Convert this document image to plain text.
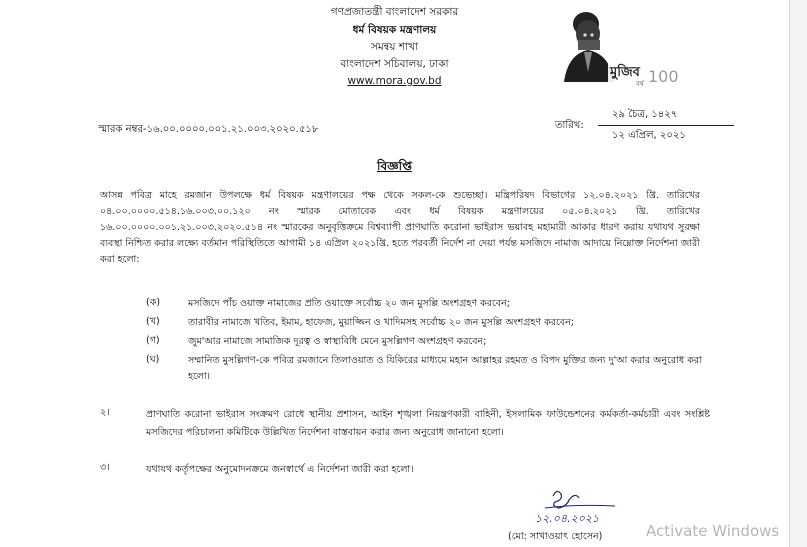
গণপ্রজাতন্ত্রী বাংলাদেশ সরকার
ধর্ম বিষয়ক মন্ত্রণালয়
সমন্বয় শাখা
বাংলাদেশ সচিবালয়, ঢাকা
www.mora.gov.bd
মুজিব
বর্ষ 100
স্মারক নম্বর-১৬.০০.০০০০.০০১.২১.০০৩.২০২০.৫১৮	তারিখ:
২৯ চৈত্র, ১৪২৭
১২ এপ্রিল, ২০২১
বিজ্ঞপ্তি
আসন্ন পবিত্র মাহে রমজান উপলক্ষে ধর্ম বিষয়ক মন্ত্রণালয়ের পক্ষ থেকে সকল-কে শুভেচ্ছা। মন্ত্রিপরিষদ বিভাগের ১২.০৪.২০২১ খ্রি. তারিখের ০৪.০০.০০০০.৫১৪.১৬.০০৩.০০.১২০ নং স্মারক মোতাবেক এবং ধর্ম বিষয়ক মন্ত্রণালয়ের ০৫.০৪.২০২১ খ্রি. তারিখের ১৬.০০.০০০০.০০১.২১.০০৩.২০২০.৫১৪ নং স্মারকের অনুবৃত্তিক্রমে বিশ্বব্যাপী প্রাণঘাতি করোনা ভাইরাস ভয়াবহ মহামারী আকার ধারণ করায় যথাযথ সুরক্ষা ব্যবস্থা নিশ্চিত করার লক্ষ্যে বর্তমান পরিস্থিতিতে আগামী ১৪ এপ্রিল ২০২১খ্রি. হতে পরবর্তী নির্দেশ না দেয়া পর্যন্ত মসজিদে নামাজ আদায়ে নিম্নোক্ত নির্দেশনা জারী করা হলো:
(ক)	মসজিদে পাঁচ ওয়াক্ত নামাজের প্রতি ওয়াক্তে সর্বোচ্চ ২০ জন মুসল্লি অংশগ্রহণ করবেন;
(খ)	তারাবীর নামাজে খতিব, ইমাম, হাফেজ, মুয়াজ্জিন ও খাদিমসহ সর্বোচ্চ ২০ জন মুসল্লি অংশগ্রহণ করবেন;
(গ)	জুম'আর নামাজে সামাজিক দূরত্ব ও স্বাস্থ্যবিধি মেনে মুসল্লিগণ অংশগ্রহণ করবেন;
(ঘ)	সম্মানিত মুসল্লিগণ-কে পবিত্র রমজানে তিলাওয়াত ও যিকিরের মাধ্যমে মহান আল্লাহর রহমত ও বিপদ মুক্তির জন্য দু'আ করার অনুরোধ করা হলো।
২।	প্রাণঘাতি করোনা ভাইরাস সংক্রমণ রোধে স্থানীয় প্রশাসন, আইন শৃঙ্খলা নিয়ন্ত্রণকারী বাহিনী, ইসলামিক ফাউন্ডেশনের কর্মকর্তা-কর্মচারী এবং সংশ্লিষ্ট মসজিদের পরিচালনা কমিটিকে উল্লিখিত নির্দেশনা বাস্তবায়ন করার জন্য অনুরোধ জানানো হলো।
৩।	যথাযথ কর্তৃপক্ষের অনুমোদনক্রমে জনস্বার্থে এ নির্দেশনা জারী করা হলো।
১২.০৪.২০২১
(মো: সাখাওয়াৎ হোসেন)	Activate Windows
